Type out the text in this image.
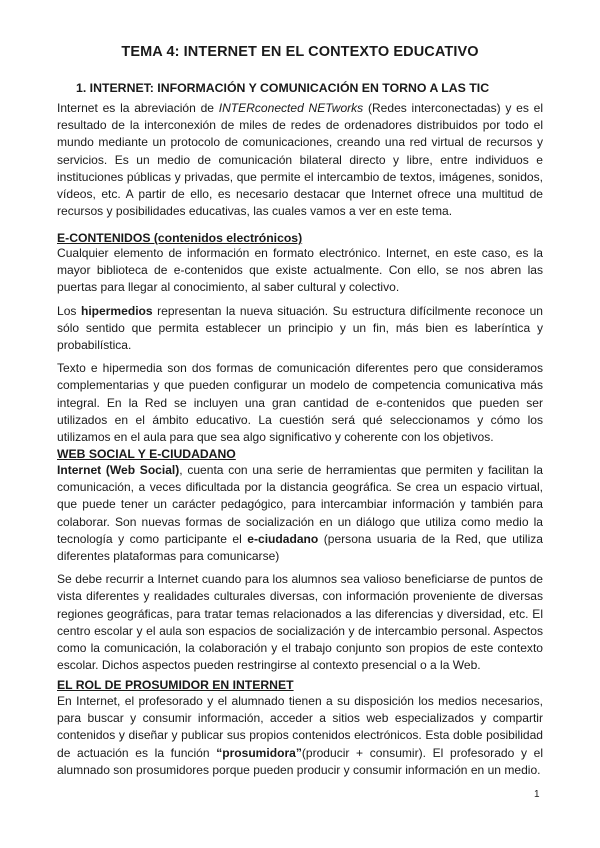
TEMA 4: INTERNET EN EL CONTEXTO EDUCATIVO
1. INTERNET: INFORMACIÓN Y COMUNICACIÓN EN TORNO A LAS TIC

Internet es la abreviación de INTERconected NETworks (Redes interconectadas) y es el resultado de la interconexión de miles de redes de ordenadores distribuidos por todo el mundo mediante un protocolo de comunicaciones, creando una red virtual de recursos y servicios. Es un medio de comunicación bilateral directo y libre, entre individuos e instituciones públicas y privadas, que permite el intercambio de textos, imágenes, sonidos, vídeos, etc. A partir de ello, es necesario destacar que Internet ofrece una multitud de recursos y posibilidades educativas, las cuales vamos a ver en este tema.

E-CONTENIDOS (contenidos electrónicos)

Cualquier elemento de información en formato electrónico. Internet, en este caso, es la mayor biblioteca de e-contenidos que existe actualmente. Con ello, se nos abren las puertas para llegar al conocimiento, al saber cultural y colectivo.

Los hipermedios representan la nueva situación. Su estructura difícilmente reconoce un sólo sentido que permita establecer un principio y un fin, más bien es laberíntica y probabilística.

Texto e hipermedia son dos formas de comunicación diferentes pero que consideramos complementarias y que pueden configurar un modelo de competencia comunicativa más integral. En la Red se incluyen una gran cantidad de e-contenidos que pueden ser utilizados en el ámbito educativo. La cuestión será qué seleccionamos y cómo los utilizamos en el aula para que sea algo significativo y coherente con los objetivos.

WEB SOCIAL Y E-CIUDADANO

Internet (Web Social), cuenta con una serie de herramientas que permiten y facilitan la comunicación, a veces dificultada por la distancia geográfica. Se crea un espacio virtual, que puede tener un carácter pedagógico, para intercambiar información y también para colaborar. Son nuevas formas de socialización en un diálogo que utiliza como medio la tecnología y como participante el e-ciudadano (persona usuaria de la Red, que utiliza diferentes plataformas para comunicarse)

Se debe recurrir a Internet cuando para los alumnos sea valioso beneficiarse de puntos de vista diferentes y realidades culturales diversas, con información proveniente de diversas regiones geográficas, para tratar temas relacionados a las diferencias y diversidad, etc. El centro escolar y el aula son espacios de socialización y de intercambio personal. Aspectos como la comunicación, la colaboración y el trabajo conjunto son propios de este contexto escolar. Dichos aspectos pueden restringirse al contexto presencial o a la Web.

EL ROL DE PROSUMIDOR EN INTERNET

En Internet, el profesorado y el alumnado tienen a su disposición los medios necesarios, para buscar y consumir información, acceder a sitios web especializados y compartir contenidos y diseñar y publicar sus propios contenidos electrónicos. Esta doble posibilidad de actuación es la función “prosumidora”(producir + consumir). El profesorado y el alumnado son prosumidores porque pueden producir y consumir información en un medio.

1
